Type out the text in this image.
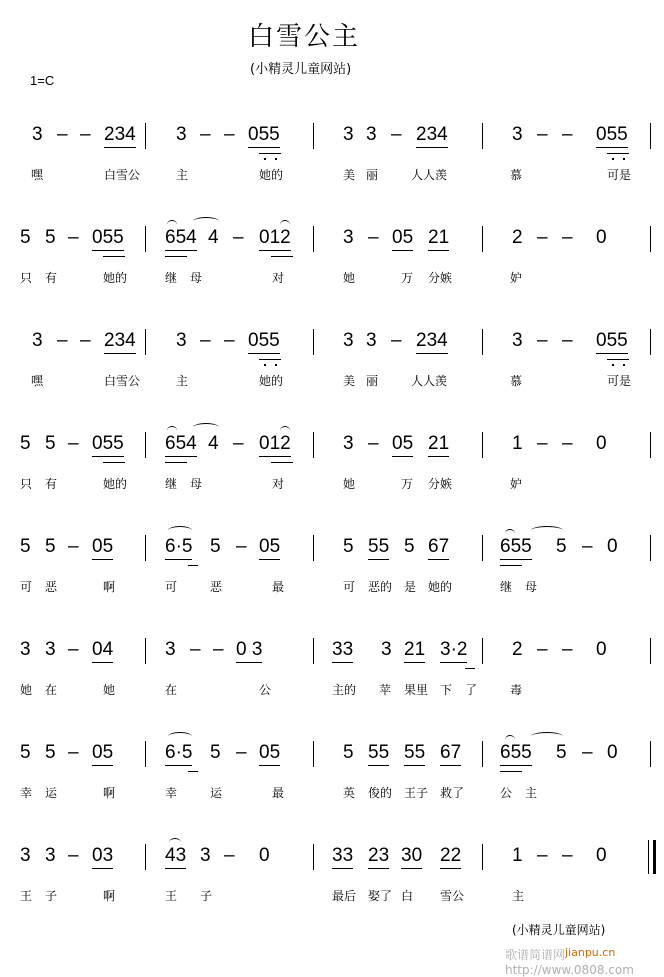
白雪公主
(小精灵儿童网站)
1=C
3 – – 234 3 – – 055	3 3 – 234	3 – – 055
嘿	白雪公	主	她的	美 丽	人人羡	慕	可是
5 5 – 055 654 4 – 012	3 – 05 21	2 – – 0
只 有	她的	继 母	对	她	万 分嫉	妒
3 – – 234 3 – – 055	3 3 – 234	3 – – 055
嘿	白雪公	主	她的	美 丽	人人羡	慕	可是
5 5 – 055 654 4 – 012	3 – 05 21	1 – – 0
只 有	她的	继 母	对	她	万 分嫉	妒
5 5 – 05	6·5 5 – 05	5 55 5 67	655 5 – 0
可 恶	啊	可	恶	最	可 恶的 是 她的	继 母
3 3 – 04	3 – – 0 3	33 3 21 3·2 2 – – 0
她 在	她	在	公	主的 苹 果里 下 了	毒
5 5 – 05	6·5 5 – 05	5 55 55 67 655 5 – 0
幸 运	啊	幸	运	最	英 俊的 王子 救了	公 主
3 3 – 03	43 3 – 0	33 23 30 22	1 – – 0
王 子	啊	王 子	最后 娶了 白 雪公	主
(小精灵儿童网站)
歌谱简谱网 http://www.0808.com
jianpu.cn
